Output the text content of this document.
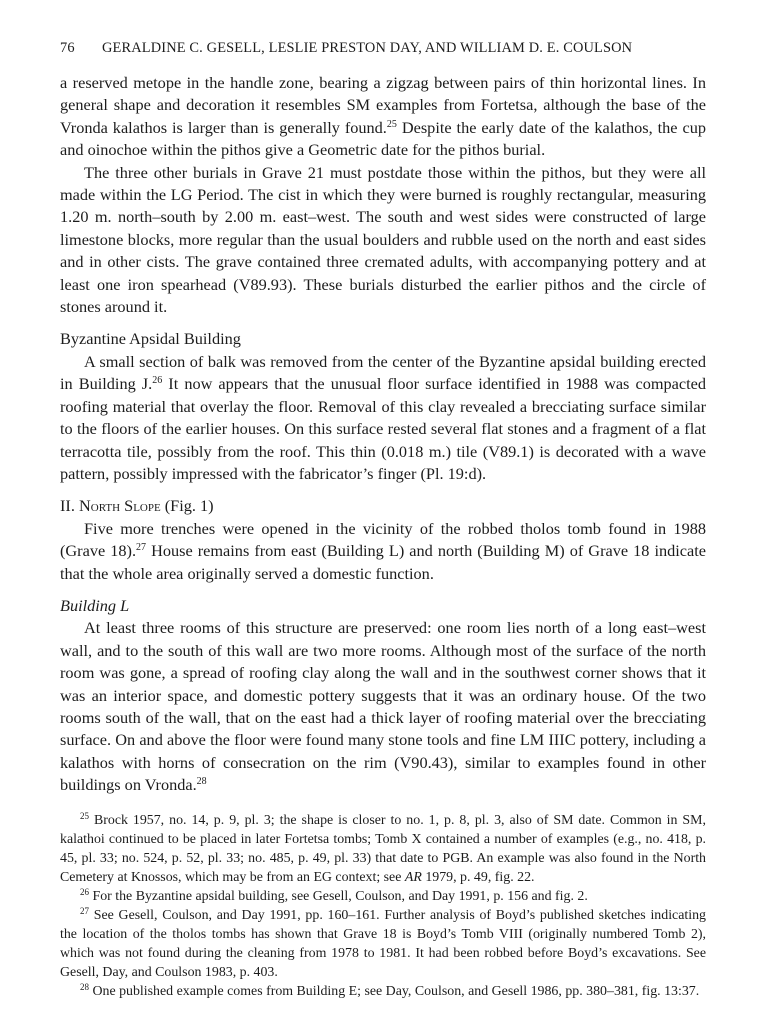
76 GERALDINE C. GESELL, LESLIE PRESTON DAY, AND WILLIAM D. E. COULSON

a reserved metope in the handle zone, bearing a zigzag between pairs of thin horizontal lines. In general shape and decoration it resembles SM examples from Fortetsa, although the base of the Vronda kalathos is larger than is generally found.$^{25}$ Despite the early date of the kalathos, the cup and oinochoe within the pithos give a Geometric date for the pithos burial.

The three other burials in Grave 21 must postdate those within the pithos, but they were all made within the LG Period. The cist in which they were burned is roughly rectangular, measuring 1.20 m. north–south by 2.00 m. east–west. The south and west sides were constructed of large limestone blocks, more regular than the usual boulders and rubble used on the north and east sides and in other cists. The grave contained three cremated adults, with accompanying pottery and at least one iron spearhead (V89.93). These burials disturbed the earlier pithos and the circle of stones around it.

Byzantine Apsidal Building

A small section of balk was removed from the center of the Byzantine apsidal building erected in Building J.$^{26}$ It now appears that the unusual floor surface identified in 1988 was compacted roofing material that overlay the floor. Removal of this clay revealed a brecciating surface similar to the floors of the earlier houses. On this surface rested several flat stones and a fragment of a flat terracotta tile, possibly from the roof. This thin (0.018 m.) tile (V89.1) is decorated with a wave pattern, possibly impressed with the fabricator’s finger (Pl. 19:d).

II. North Slope (Fig. 1)

Five more trenches were opened in the vicinity of the robbed tholos tomb found in 1988 (Grave 18).$^{27}$ House remains from east (Building L) and north (Building M) of Grave 18 indicate that the whole area originally served a domestic function.

Building L

At least three rooms of this structure are preserved: one room lies north of a long east–west wall, and to the south of this wall are two more rooms. Although most of the surface of the north room was gone, a spread of roofing clay along the wall and in the southwest corner shows that it was an interior space, and domestic pottery suggests that it was an ordinary house. Of the two rooms south of the wall, that on the east had a thick layer of roofing material over the brecciating surface. On and above the floor were found many stone tools and fine LM IIIC pottery, including a kalathos with horns of consecration on the rim (V90.43), similar to examples found in other buildings on Vronda.$^{28}$

$^{25}$ Brock 1957, no. 14, p. 9, pl. 3; the shape is closer to no. 1, p. 8, pl. 3, also of SM date. Common in SM, kalathoi continued to be placed in later Fortetsa tombs; Tomb X contained a number of examples (e.g., no. 418, p. 45, pl. 33; no. 524, p. 52, pl. 33; no. 485, p. 49, pl. 33) that date to PGB. An example was also found in the North Cemetery at Knossos, which may be from an EG context; see AR 1979, p. 49, fig. 22.

$^{26}$ For the Byzantine apsidal building, see Gesell, Coulson, and Day 1991, p. 156 and fig. 2.

$^{27}$ See Gesell, Coulson, and Day 1991, pp. 160–161. Further analysis of Boyd’s published sketches indicating the location of the tholos tombs has shown that Grave 18 is Boyd’s Tomb VIII (originally numbered Tomb 2), which was not found during the cleaning from 1978 to 1981. It had been robbed before Boyd’s excavations. See Gesell, Day, and Coulson 1983, p. 403.

$^{28}$ One published example comes from Building E; see Day, Coulson, and Gesell 1986, pp. 380–381, fig. 13:37.
